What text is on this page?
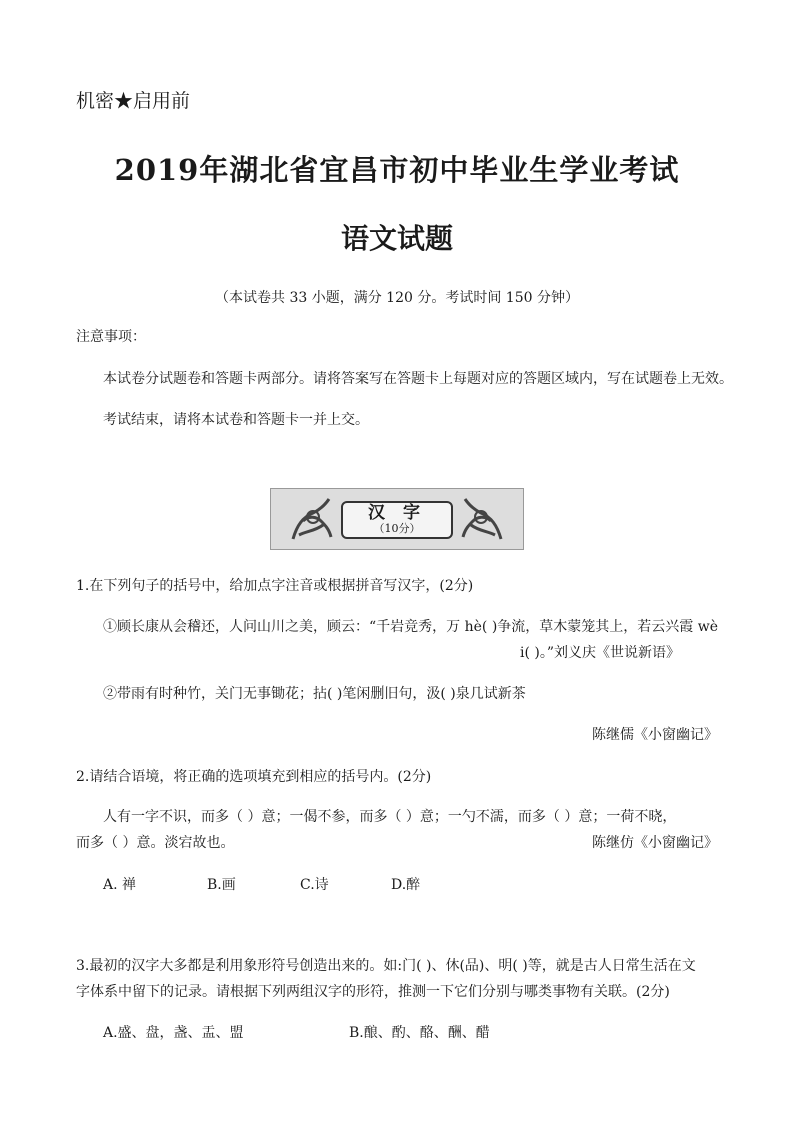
机密★启用前
2019年湖北省宜昌市初中毕业生学业考试
语文试题
（本试卷共 33 小题，满分 120 分。考试时间 150 分钟）
注意事项：
本试卷分试题卷和答题卡两部分。请将答案写在答题卡上每题对应的答题区域内，写在试题卷上无效。
考试结束，请将本试卷和答题卡一并上交。
汉 字
（10分）
1.在下列句子的括号中，给加点字注音或根据拼音写汉字，(2分)
①顾长康从会稽还，人问山川之美，顾云：“千岩竞秀，万 hè( )争流，草木蒙笼其上，若云兴霞 wè
i( )。”刘义庆《世说新语》
②带雨有时种竹，关门无事锄花；拈( )笔闲删旧句，汲( )泉几试新茶
陈继儒《小窗幽记》
2.请结合语境，将正确的选项填充到相应的括号内。(2分)
人有一字不识，而多（ ）意；一偈不参，而多（ ）意；一勺不濡，而多（ ）意；一荷不晓，
而多（ ）意。淡宕故也。	陈继仿《小窗幽记》
A. 禅	B.画	C.诗	D.醉
3.最初的汉字大多都是利用象形符号创造出来的。如:门( )、休(品)、明( )等，就是古人日常生活在文
字体系中留下的记录。请根据下列两组汉字的形符，推测一下它们分别与哪类事物有关联。(2分)
A.盛、盘，盏、盂、盟	B.酿、酌、酪、酬、醋
